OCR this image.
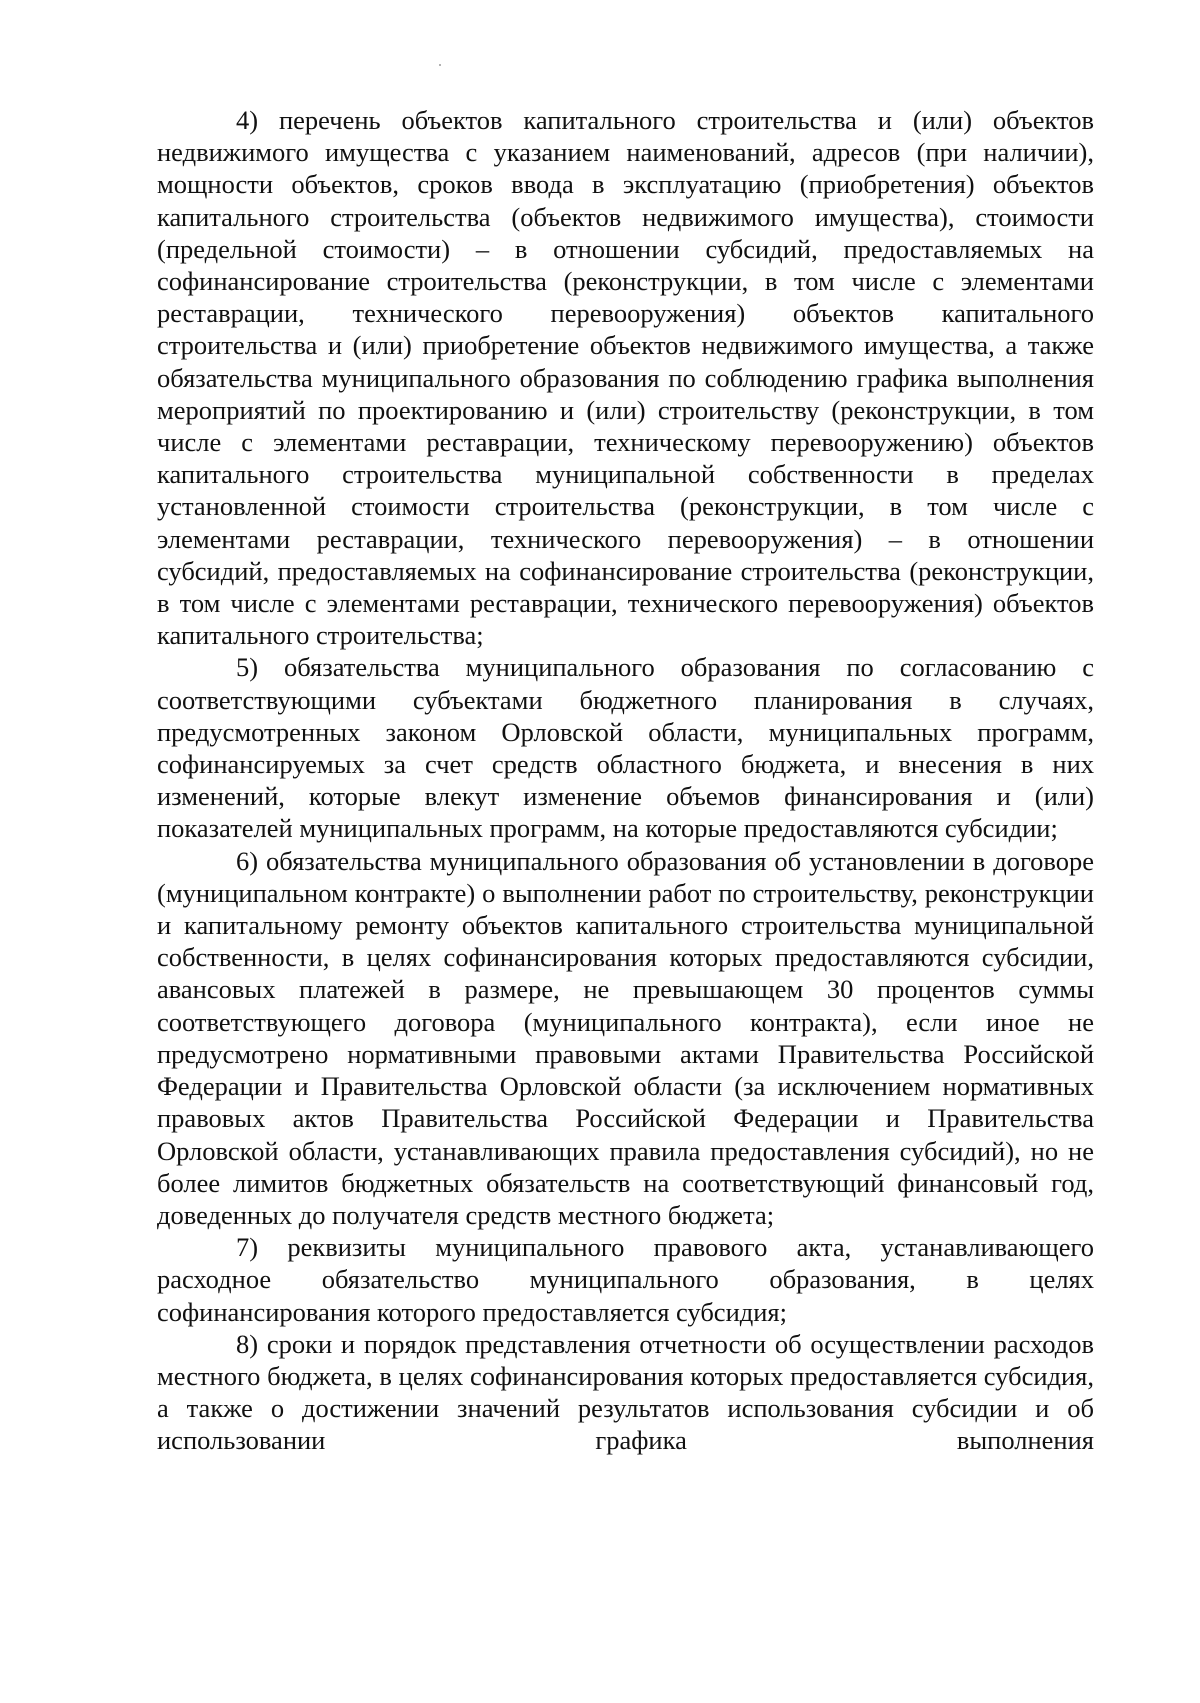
4) перечень объектов капитального строительства и (или) объектов недвижимого имущества с указанием наименований, адресов (при наличии), мощности объектов, сроков ввода в эксплуатацию (приобретения) объектов капитального строительства (объектов недвижимого имущества), стоимости (предельной стоимости) – в отношении субсидий, предоставляемых на софинансирование строительства (реконструкции, в том числе с элементами реставрации, технического перевооружения) объектов капитального строительства и (или) приобретение объектов недвижимого имущества, а также обязательства муниципального образования по соблюдению графика выполнения мероприятий по проектированию и (или) строительству (реконструкции, в том числе с элементами реставрации, техническому перевооружению) объектов капитального строительства муниципальной собственности в пределах установленной стоимости строительства (реконструкции, в том числе с элементами реставрации, технического перевооружения) – в отношении субсидий, предоставляемых на софинансирование строительства (реконструкции, в том числе с элементами реставрации, технического перевооружения) объектов капитального строительства;

5) обязательства муниципального образования по согласованию с соответствующими субъектами бюджетного планирования в случаях, предусмотренных законом Орловской области, муниципальных программ, софинансируемых за счет средств областного бюджета, и внесения в них изменений, которые влекут изменение объемов финансирования и (или) показателей муниципальных программ, на которые предоставляются субсидии;

6) обязательства муниципального образования об установлении в договоре (муниципальном контракте) о выполнении работ по строительству, реконструкции и капитальному ремонту объектов капитального строительства муниципальной собственности, в целях софинансирования которых предоставляются субсидии, авансовых платежей в размере, не превышающем 30 процентов суммы соответствующего договора (муниципального контракта), если иное не предусмотрено нормативными правовыми актами Правительства Российской Федерации и Правительства Орловской области (за исключением нормативных правовых актов Правительства Российской Федерации и Правительства Орловской области, устанавливающих правила предоставления субсидий), но не более лимитов бюджетных обязательств на соответствующий финансовый год, доведенных до получателя средств местного бюджета;

7) реквизиты муниципального правового акта, устанавливающего расходное обязательство муниципального образования, в целях софинансирования которого предоставляется субсидия;

8) сроки и порядок представления отчетности об осуществлении расходов местного бюджета, в целях софинансирования которых предоставляется субсидия, а также о достижении значений результатов использования субсидии и об использовании графика выполнения
